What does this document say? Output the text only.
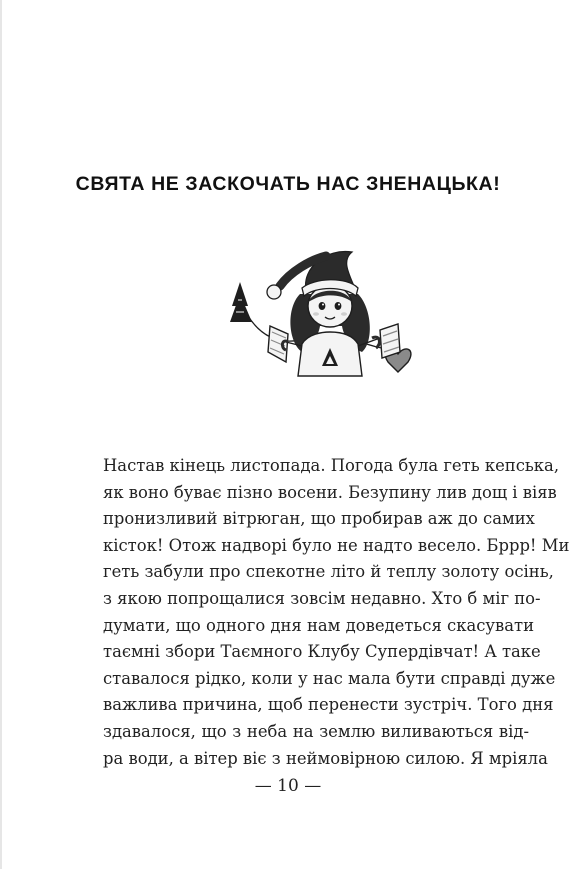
СВЯТА НЕ ЗАСКОЧАТЬ НАС ЗНЕНАЦЬКА!
Настав кінець листопада. Погода була геть кепська,
як воно буває пізно восени. Безупину лив дощ і віяв
пронизливий вітрюган, що пробирав аж до самих
кісток! Отож надворі було не надто весело. Бррр! Ми
геть забули про спекотне літо й теплу золоту осінь,
з якою попрощалися зовсім недавно. Хто б міг по-
думати, що одного дня нам доведеться скасувати
таємні збори Таємного Клубу Супердівчат! А таке
ставалося рідко, коли у нас мала бути справді дуже
важлива причина, щоб перенести зустріч. Того дня
здавалося, що з неба на землю виливаються від-
ра води, а вітер віє з неймовірною силою. Я мріяла
— 10 —
